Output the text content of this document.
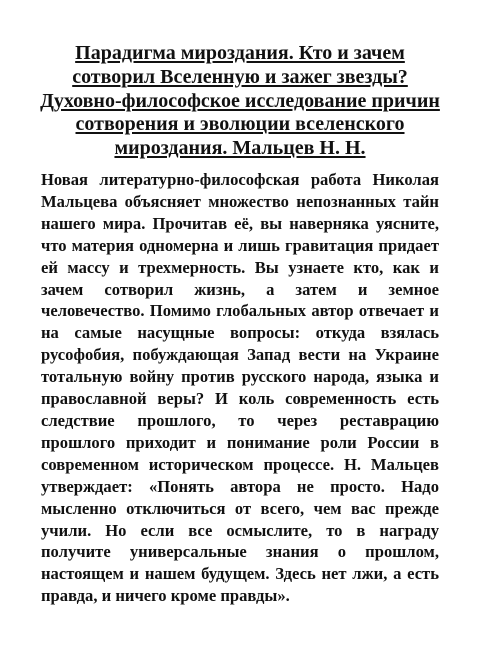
Парадигма мироздания. Кто и зачем сотворил Вселенную и зажег звезды? Духовно-философское исследование причин сотворения и эволюции вселенского мироздания. Мальцев Н. Н.

Новая литературно-философская работа Николая Мальцева объясняет множество непознанных тайн нашего мира. Прочитав её, вы наверняка уясните, что материя одномерна и лишь гравитация придает ей массу и трехмерность. Вы узнаете кто, как и зачем сотворил жизнь, а затем и земное человечество. Помимо глобальных автор отвечает и на самые насущные вопросы: откуда взялась русофобия, побуждающая Запад вести на Украине тотальную войну против русского народа, языка и православной веры? И коль современность есть следствие прошлого, то через реставрацию прошлого приходит и понимание роли России в современном историческом процессе. Н. Мальцев утверждает: «Понять автора не просто. Надо мысленно отключиться от всего, чем вас прежде учили. Но если все осмыслите, то в награду получите универсальные знания о прошлом, настоящем и нашем будущем. Здесь нет лжи, а есть правда, и ничего кроме правды».
